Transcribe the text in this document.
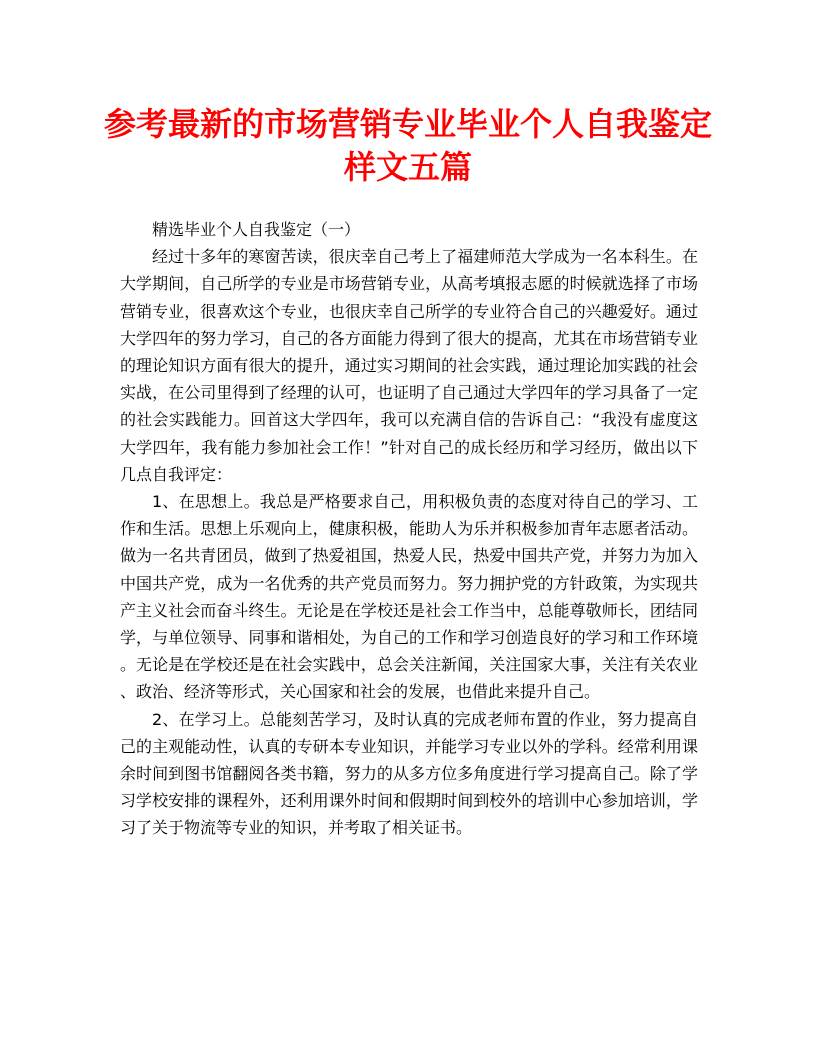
参考最新的市场营销专业毕业个人自我鉴定样文五篇

精选毕业个人自我鉴定（一）

经过十多年的寒窗苦读，很庆幸自己考上了福建师范大学成为一名本科生。在大学期间，自己所学的专业是市场营销专业，从高考填报志愿的时候就选择了市场营销专业，很喜欢这个专业，也很庆幸自己所学的专业符合自己的兴趣爱好。通过大学四年的努力学习，自己的各方面能力得到了很大的提高，尤其在市场营销专业的理论知识方面有很大的提升，通过实习期间的社会实践，通过理论加实践的社会实战，在公司里得到了经理的认可，也证明了自己通过大学四年的学习具备了一定的社会实践能力。回首这大学四年，我可以充满自信的告诉自己：“我没有虚度这大学四年，我有能力参加社会工作！”针对自己的成长经历和学习经历，做出以下几点自我评定：

1、在思想上。我总是严格要求自己，用积极负责的态度对待自己的学习、工作和生活。思想上乐观向上，健康积极，能助人为乐并积极参加青年志愿者活动。做为一名共青团员，做到了热爱祖国，热爱人民，热爱中国共产党，并努力为加入中国共产党，成为一名优秀的共产党员而努力。努力拥护党的方针政策，为实现共产主义社会而奋斗终生。无论是在学校还是社会工作当中，总能尊敬师长，团结同学，与单位领导、同事和谐相处，为自己的工作和学习创造良好的学习和工作环境。无论是在学校还是在社会实践中，总会关注新闻，关注国家大事，关注有关农业、政治、经济等形式，关心国家和社会的发展，也借此来提升自己。

2、在学习上。总能刻苦学习，及时认真的完成老师布置的作业，努力提高自己的主观能动性，认真的专研本专业知识，并能学习专业以外的学科。经常利用课余时间到图书馆翻阅各类书籍，努力的从多方位多角度进行学习提高自己。除了学习学校安排的课程外，还利用课外时间和假期时间到校外的培训中心参加培训，学习了关于物流等专业的知识，并考取了相关证书。
